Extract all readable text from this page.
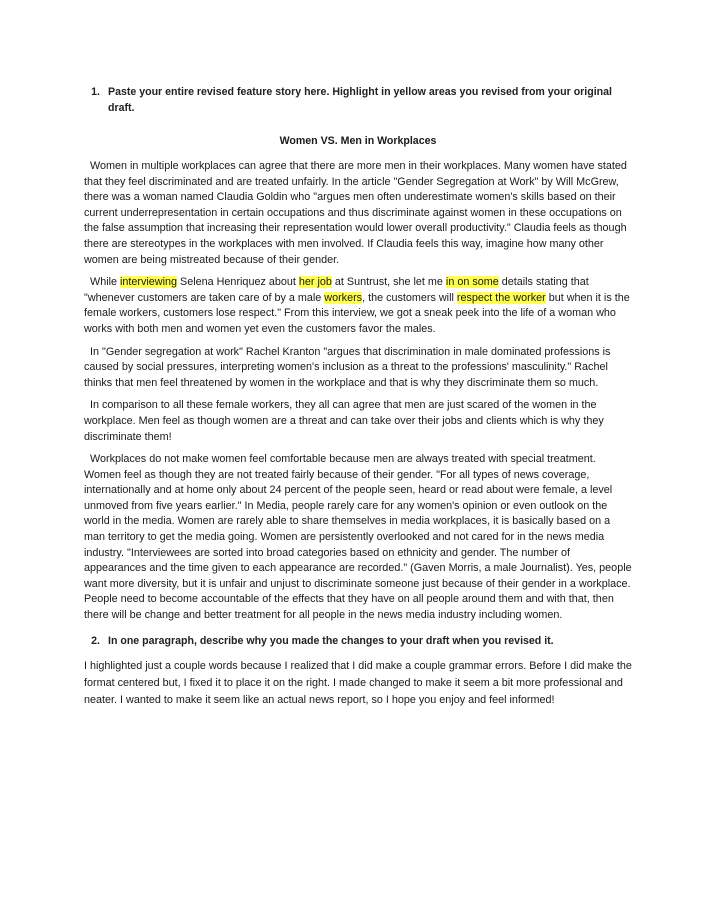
1. Paste your entire revised feature story here. Highlight in yellow areas you revised from your original draft.
Women VS. Men in Workplaces

Women in multiple workplaces can agree that there are more men in their workplaces. Many women have stated that they feel discriminated and are treated unfairly. In the article "Gender Segregation at Work" by Will McGrew, there was a woman named Claudia Goldin who "argues men often underestimate women's skills based on their current underrepresentation in certain occupations and thus discriminate against women in these occupations on the false assumption that increasing their representation would lower overall productivity." Claudia feels as though there are stereotypes in the workplaces with men involved. If Claudia feels this way, imagine how many other women are being mistreated because of their gender.

While interviewing Selena Henriquez about her job at Suntrust, she let me in on some details stating that "whenever customers are taken care of by a male workers, the customers will respect the worker but when it is the female workers, customers lose respect." From this interview, we got a sneak peek into the life of a woman who works with both men and women yet even the customers favor the males.

In "Gender segregation at work" Rachel Kranton "argues that discrimination in male dominated professions is caused by social pressures, interpreting women's inclusion as a threat to the professions' masculinity." Rachel thinks that men feel threatened by women in the workplace and that is why they discriminate them so much.

In comparison to all these female workers, they all can agree that men are just scared of the women in the workplace. Men feel as though women are a threat and can take over their jobs and clients which is why they discriminate them!

Workplaces do not make women feel comfortable because men are always treated with special treatment. Women feel as though they are not treated fairly because of their gender. "For all types of news coverage, internationally and at home only about 24 percent of the people seen, heard or read about were female, a level unmoved from five years earlier." In Media, people rarely care for any women's opinion or even outlook on the world in the media. Women are rarely able to share themselves in media workplaces, it is basically based on a man territory to get the media going. Women are persistently overlooked and not cared for in the news media industry. "Interviewees are sorted into broad categories based on ethnicity and gender. The number of appearances and the time given to each appearance are recorded." (Gaven Morris, a male Journalist). Yes, people want more diversity, but it is unfair and unjust to discriminate someone just because of their gender in a workplace. People need to become accountable of the effects that they have on all people around them and with that, then there will be change and better treatment for all people in the news media industry including women.

2. In one paragraph, describe why you made the changes to your draft when you revised it.

I highlighted just a couple words because I realized that I did make a couple grammar errors. Before I did make the format centered but, I fixed it to place it on the right. I made changed to make it seem a bit more professional and neater. I wanted to make it seem like an actual news report, so I hope you enjoy and feel informed!
